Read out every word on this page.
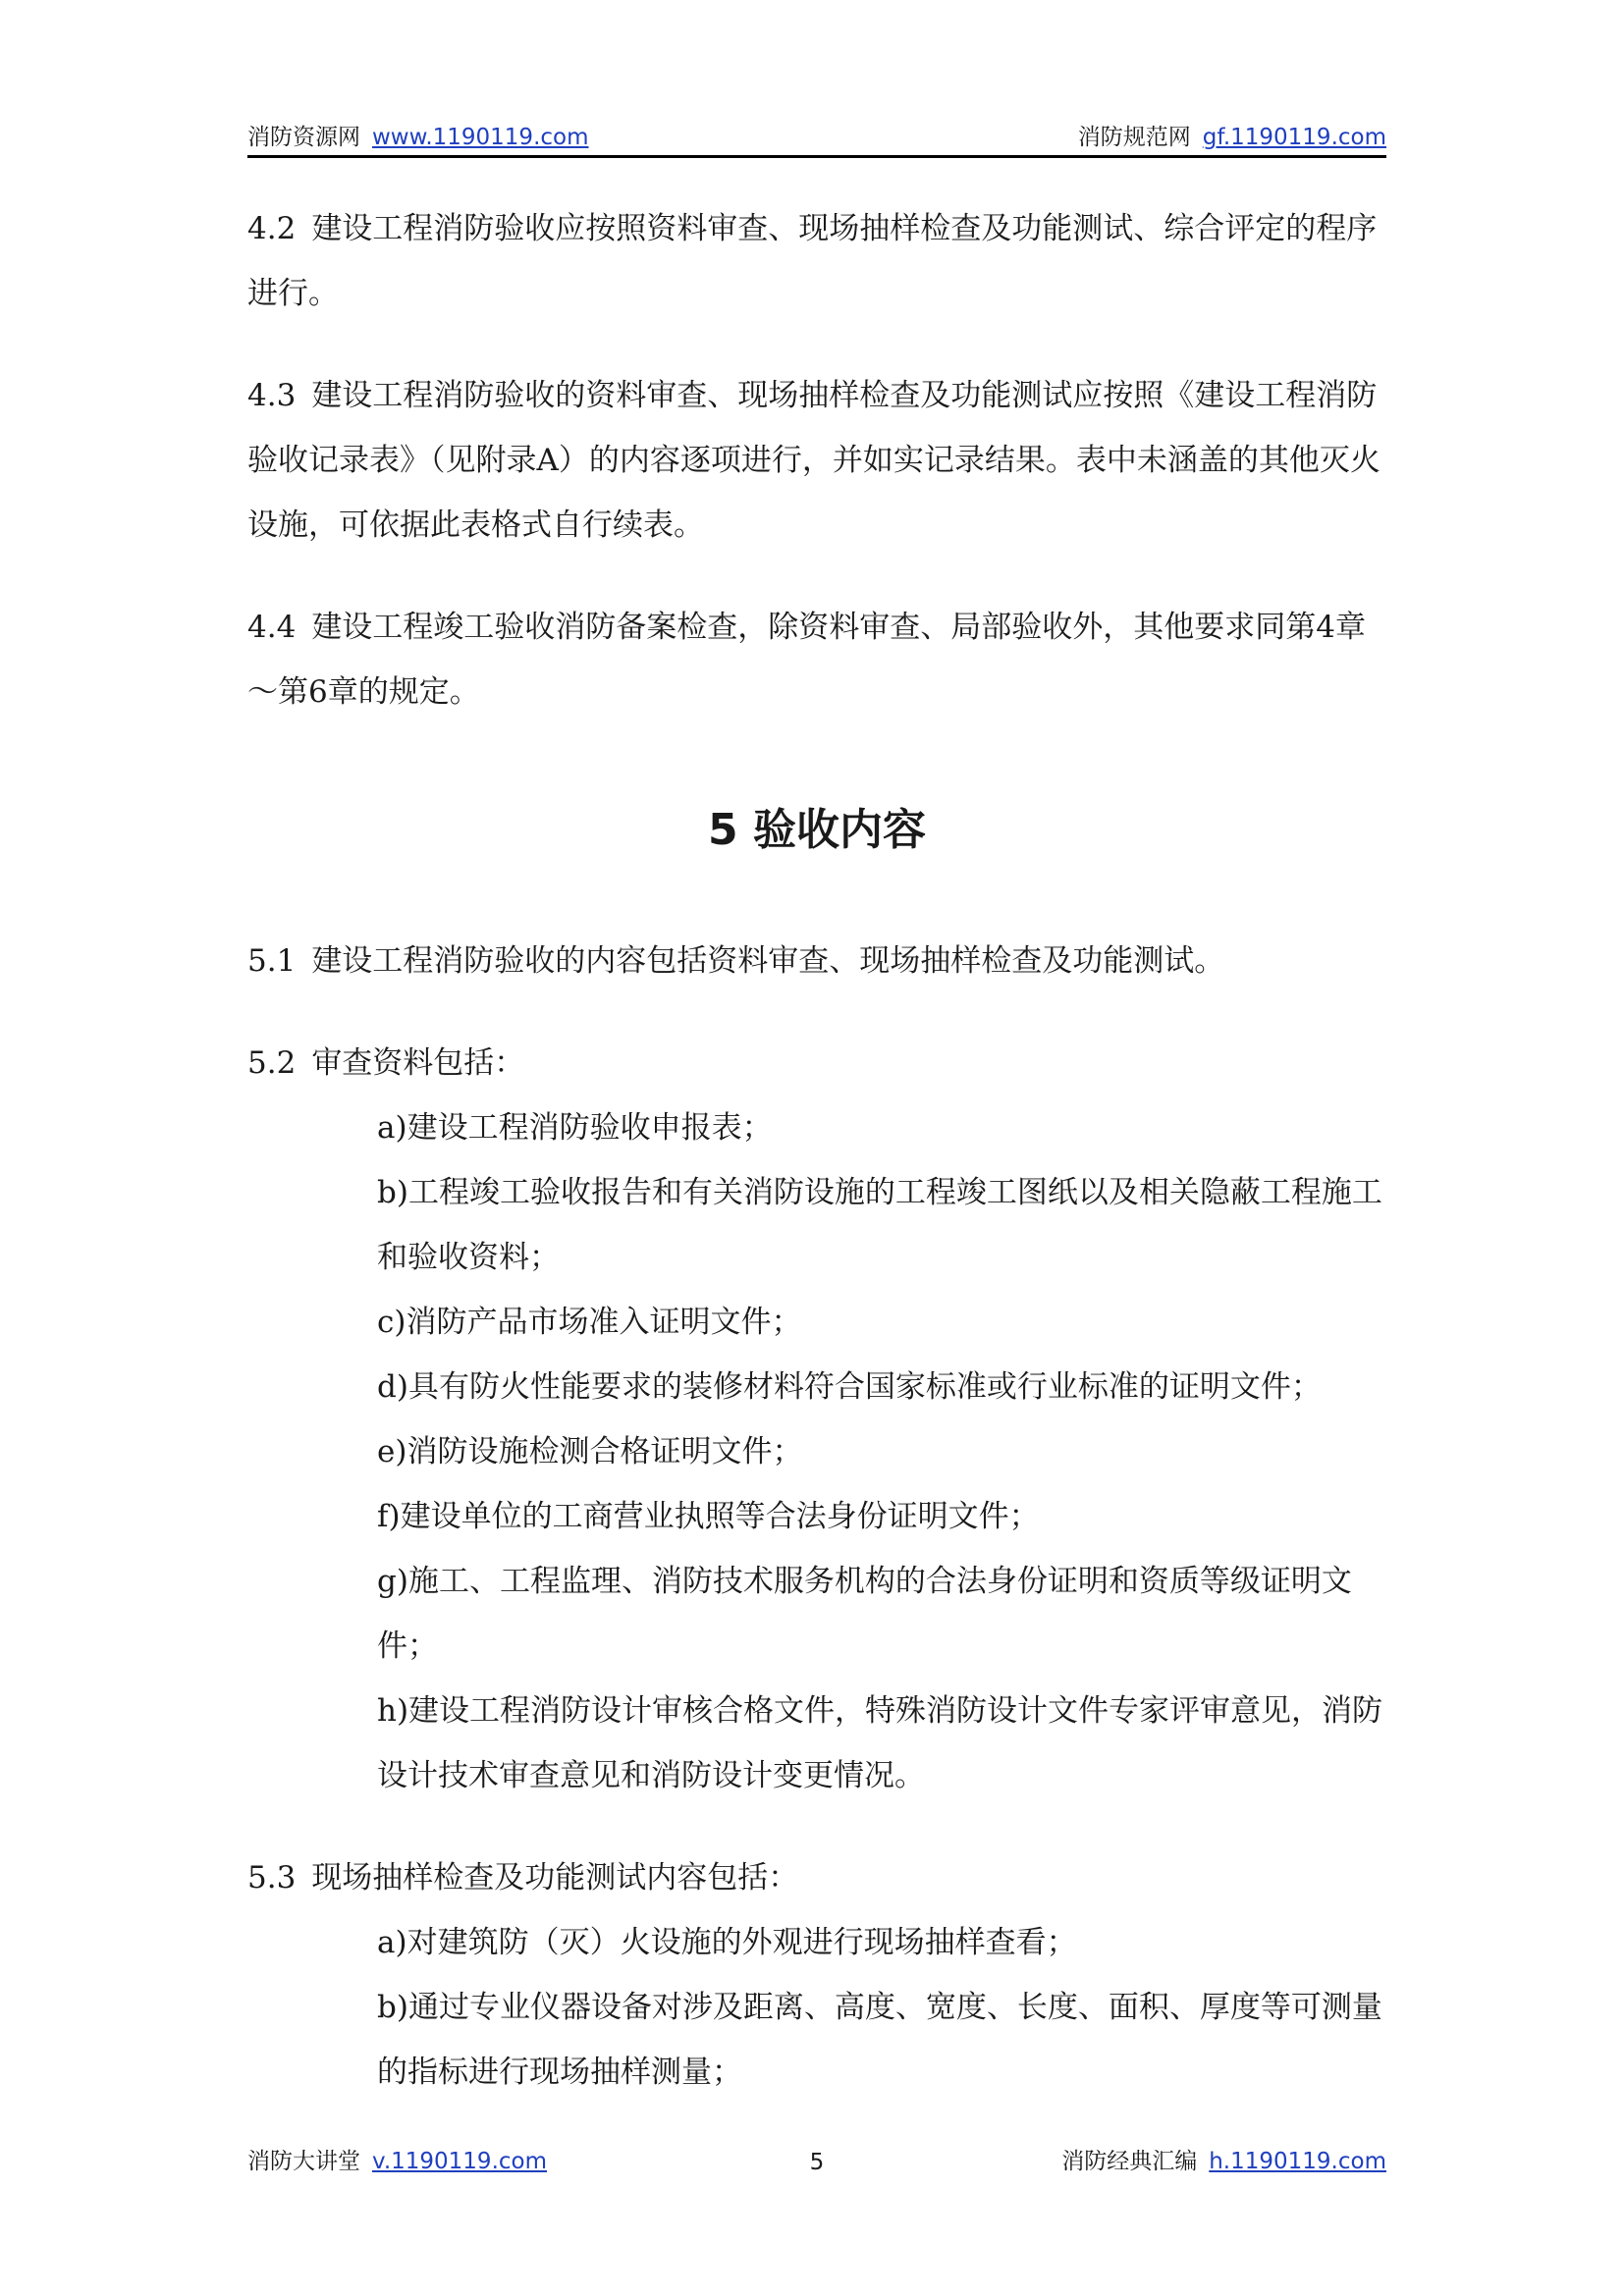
消防资源网 www.1190119.com	消防规范网 gf.1190119.com

4.2 建设工程消防验收应按照资料审查、现场抽样检查及功能测试、综合评定的程序进行。

4.3 建设工程消防验收的资料审查、现场抽样检查及功能测试应按照《建设工程消防验收记录表》（见附录A）的内容逐项进行，并如实记录结果。表中未涵盖的其他灭火设施，可依据此表格式自行续表。

4.4 建设工程竣工验收消防备案检查，除资料审查、局部验收外，其他要求同第4章～第6章的规定。

5 验收内容

5.1 建设工程消防验收的内容包括资料审查、现场抽样检查及功能测试。

5.2 审查资料包括：

a)建设工程消防验收申报表；

b)工程竣工验收报告和有关消防设施的工程竣工图纸以及相关隐蔽工程施工和验收资料；

c)消防产品市场准入证明文件；

d)具有防火性能要求的装修材料符合国家标准或行业标准的证明文件；

e)消防设施检测合格证明文件；

f)建设单位的工商营业执照等合法身份证明文件；

g)施工、工程监理、消防技术服务机构的合法身份证明和资质等级证明文件；

h)建设工程消防设计审核合格文件，特殊消防设计文件专家评审意见，消防设计技术审查意见和消防设计变更情况。

5.3 现场抽样检查及功能测试内容包括：

a)对建筑防（灭）火设施的外观进行现场抽样查看；

b)通过专业仪器设备对涉及距离、高度、宽度、长度、面积、厚度等可测量的指标进行现场抽样测量；

5
消防大讲堂 v.1190119.com	消防经典汇编 h.1190119.com
